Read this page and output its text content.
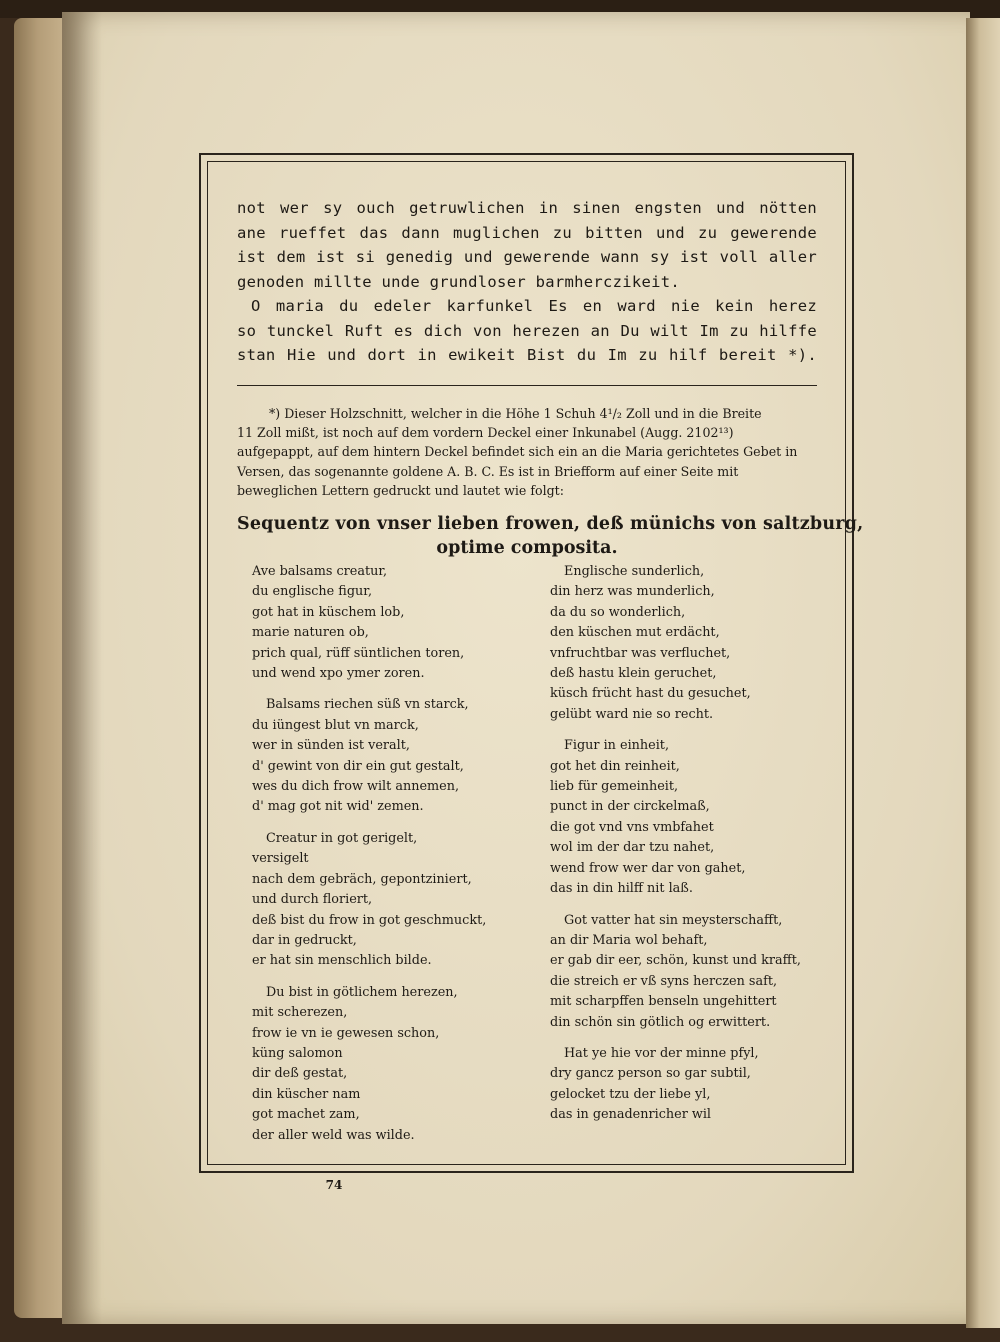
not wer sy ouch getruwlichen in sinen engsten und nötten
ane rueffet das dann muglichen zu bitten und zu gewerende
ist dem ist si genedig und gewerende wann sy ist voll aller
genoden millte unde grundloser barmherczikeit.
O maria du edeler karfunkel Es en ward nie kein herez
so tunckel Ruft es dich von herezen an Du wilt Im zu hilffe
stan Hie und dort in ewikeit Bist du Im zu hilf bereit *).
*) Dieser Holzschnitt, welcher in die Höhe 1 Schuh 4¹/₂ Zoll und in die Breite
11 Zoll mißt, ist noch auf dem vordern Deckel einer Inkunabel (Augg. 2102¹³)
aufgepappt, auf dem hintern Deckel befindet sich ein an die Maria gerichtetes Gebet in
Versen, das sogenannte goldene A. B. C. Es ist in Briefform auf einer Seite mit
beweglichen Lettern gedruckt und lautet wie folgt:
Sequentz von vnser lieben frowen, deß münichs von saltzburg,
optime composita.
Ave balsams creatur,
du englische figur,
got hat in küschem lob,
marie naturen ob,
prich qual, rüff süntlichen toren,
und wend xpo ymer zoren.
Balsams riechen süß vn starck,
du iüngest blut vn marck,
wer in sünden ist veralt,
d' gewint von dir ein gut gestalt,
wes du dich frow wilt annemen,
d' mag got nit wid' zemen.
Creatur in got gerigelt,
versigelt
nach dem gebräch, gepontziniert,
und durch floriert,
deß bist du frow in got geschmuckt,
dar in gedruckt,
er hat sin menschlich bilde.
Du bist in götlichem herezen,
mit scherezen,
frow ie vn ie gewesen schon,
küng salomon
dir deß gestat,
din küscher nam
got machet zam,
der aller weld was wilde.
Englische sunderlich,
din herz was munderlich,
da du so wonderlich,
den küschen mut erdächt,
vnfruchtbar was verfluchet,
deß hastu klein geruchet,
küsch frücht hast du gesuchet,
gelübt ward nie so recht.
Figur in einheit,
got het din reinheit,
lieb für gemeinheit,
punct in der circkelmaß,
die got vnd vns vmbfahet
wol im der dar tzu nahet,
wend frow wer dar von gahet,
das in din hilff nit laß.
Got vatter hat sin meysterschafft,
an dir Maria wol behaft,
er gab dir eer, schön, kunst und krafft,
die streich er vß syns herczen saft,
mit scharpffen benseln ungehittert
din schön sin götlich og erwittert.
Hat ye hie vor der minne pfyl,
dry gancz person so gar subtil,
gelocket tzu der liebe yl,
das in genadenricher wil
74
